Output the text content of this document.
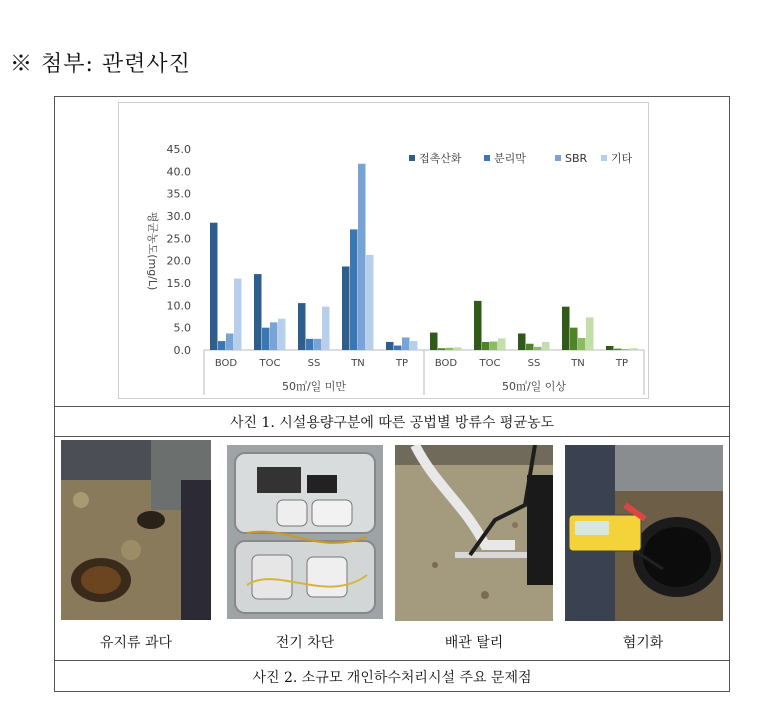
※ 첨부: 관련사진
0.0
5.0
10.0
15.0
20.0
25.0
30.0
35.0
40.0
45.0
평균농도(mg/L)
BOD TOC	SS	TN	TP
50㎥/일 미만
BOD TOC	SS	TN	TP
50㎥/일 이상
접촉산화	분리막	SBR 기타
사진 1. 시설용량구분에 따른 공법별 방류수 평균농도
유지류 과다	전기 차단	배관 탈리	혐기화
사진 2. 소규모 개인하수처리시설 주요 문제점
